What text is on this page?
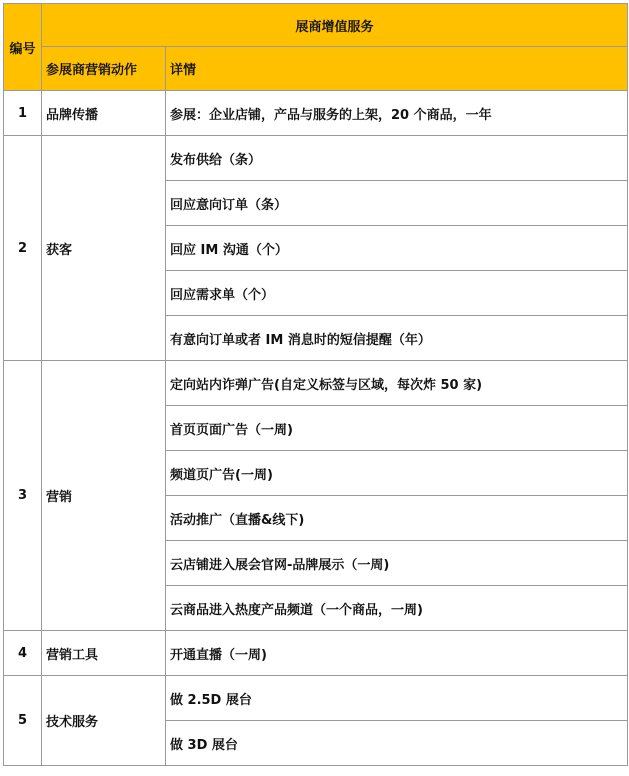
编号	展商增值服务	
	参展商营销动作	详情
1	品牌传播	参展：企业店铺，产品与服务的上架，20 个商品，一年
2	获客	发布供给（条）
		回应意向订单（条）
		回应 IM 沟通（个）
		回应需求单（个）
		有意向订单或者 IM 消息时的短信提醒（年）
3	营销	定向站内诈弹广告(自定义标签与区域，每次炸 50 家)
		首页页面广告（一周)
		频道页广告(一周)
		活动推广（直播&线下)
		云店铺进入展会官网-品牌展示（一周)
		云商品进入热度产品频道（一个商品，一周)
4	营销工具	开通直播（一周)
5	技术服务	做 2.5D 展台
		做 3D 展台
